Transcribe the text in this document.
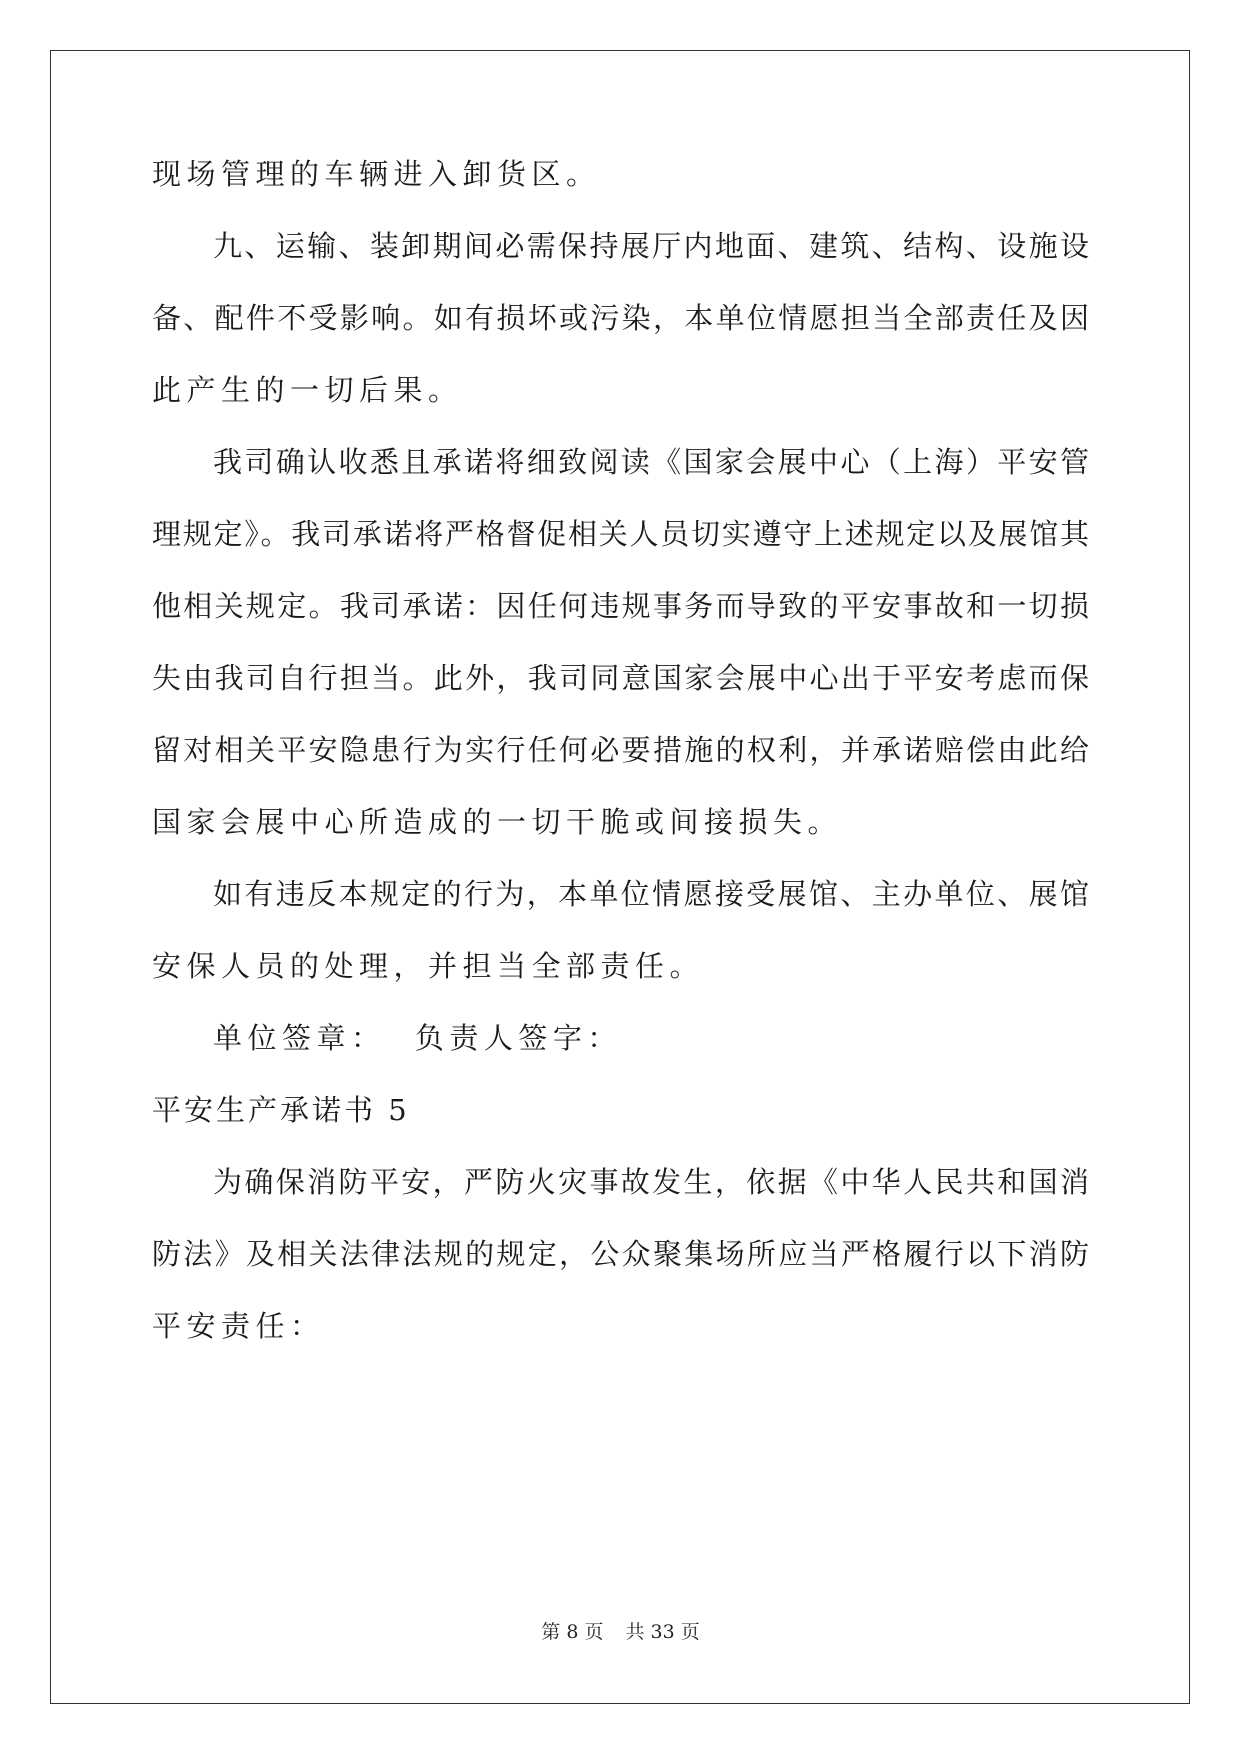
现场管理的车辆进入卸货区。
九、运输、装卸期间必需保持展厅内地面、建筑、结构、设施设
备、配件不受影响。如有损坏或污染，本单位情愿担当全部责任及因
此产生的一切后果。
我司确认收悉且承诺将细致阅读《国家会展中心（上海）平安管
理规定》。我司承诺将严格督促相关人员切实遵守上述规定以及展馆其
他相关规定。我司承诺：因任何违规事务而导致的平安事故和一切损
失由我司自行担当。此外，我司同意国家会展中心出于平安考虑而保
留对相关平安隐患行为实行任何必要措施的权利，并承诺赔偿由此给
国家会展中心所造成的一切干脆或间接损失。
如有违反本规定的行为，本单位情愿接受展馆、主办单位、展馆
安保人员的处理，并担当全部责任。
单位签章：  负责人签字：
平安生产承诺书 5
为确保消防平安，严防火灾事故发生，依据《中华人民共和国消
防法》及相关法律法规的规定，公众聚集场所应当严格履行以下消防
平安责任：
第 8 页 共 33 页
